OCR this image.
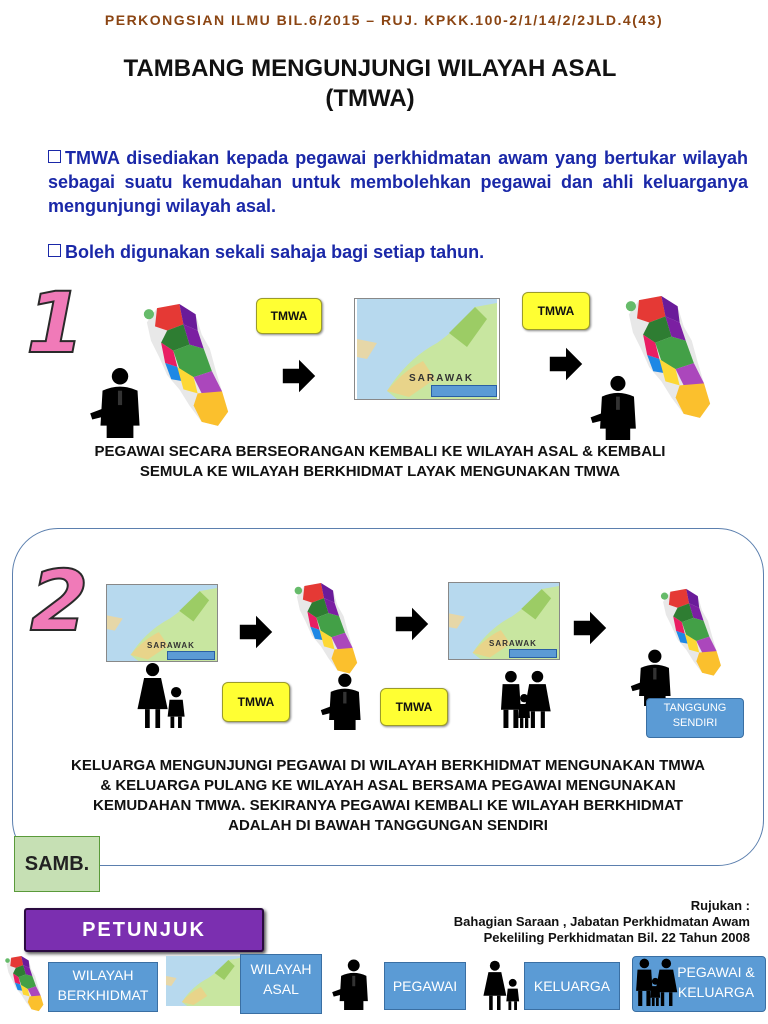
PERKONGSIAN ILMU BIL.6/2015 – RUJ. KPKK.100-2/1/14/2/2JLD.4(43)
TAMBANG MENGUNJUNGI WILAYAH ASAL
(TMWA)
TMWA disediakan kepada pegawai perkhidmatan awam yang bertukar wilayah sebagai suatu kemudahan untuk membolehkan pegawai dan ahli keluarganya mengunjungi wilayah asal.
Boleh digunakan sekali sahaja bagi setiap tahun.
1	TMWA
SARAWAK
TMWA
PEGAWAI SECARA BERSEORANGAN KEMBALI KE WILAYAH ASAL & KEMBALI
SEMULA KE WILAYAH BERKHIDMAT LAYAK MENGUNAKAN TMWA
2	SARAWAK
TMWA	TMWA
SARAWAK
TANGGUNG SENDIRI
KELUARGA MENGUNJUNGI PEGAWAI DI WILAYAH BERKHIDMAT MENGUNAKAN TMWA
& KELUARGA PULANG KE WILAYAH ASAL BERSAMA PEGAWAI MENGUNAKAN
KEMUDAHAN TMWA. SEKIRANYA PEGAWAI KEMBALI KE WILAYAH BERKHIDMAT
ADALAH DI BAWAH TANGGUNGAN SENDIRI
SAMB.
PETUNJUK
Rujukan :
Bahagian Saraan , Jabatan Perkhidmatan Awam
Pekeliling Perkhidmatan Bil. 22 Tahun 2008
WILAYAH
BERKHIDMAT
WILAYAH
ASAL	PEGAWAI	KELUARGA
PEGAWAI &
KELUARGA
